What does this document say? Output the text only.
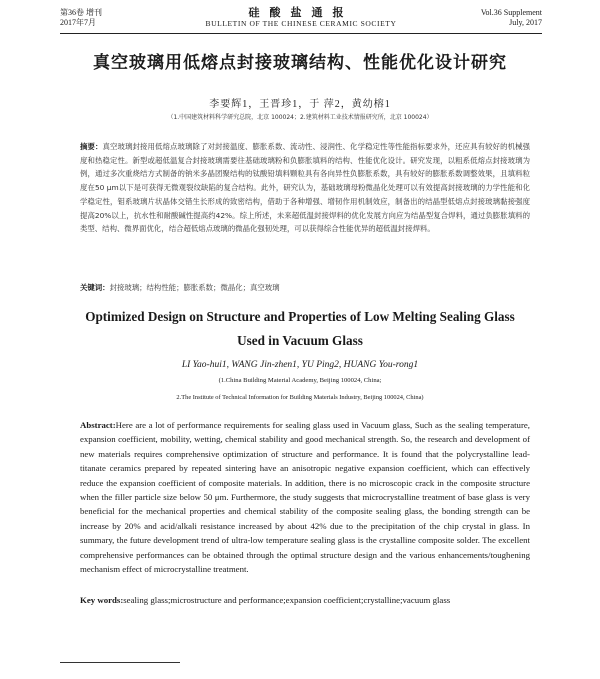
第36卷 增刊
2017年7月
硅酸盐通报
BULLETIN OF THE CHINESE CERAMIC SOCIETY
Vol.36 Supplement
July, 2017
真空玻璃用低熔点封接玻璃结构、性能优化设计研究
李要辉1，王晋珍1，于 萍2，黄幼榕1
（1.中国建筑材料科学研究总院，北京 100024；2.建筑材料工业技术情报研究所，北京 100024）
摘要：真空玻璃封接用低熔点玻璃除了对封接温度、膨胀系数、流动性、浸润性、化学稳定性等性能指标要求外，还应具有较好的机械强度和热稳定性。新型或超低温复合封接玻璃需要往基础玻璃粉和负膨胀填料的结构、性能优化设计。研究发现，以粗系低熔点封接玻璃为例，通过多次重烧结方式制备的钠米多晶团聚结构的钛酸铅填料颗粒具有各向异性负膨胀系数，具有较好的膨胀系数调整效果，且填料粒度在50 μm以下是可获得无微观裂纹缺陷的复合结构。此外，研究认为，基础玻璃母粉微晶化处理可以有效提高封接玻璃的力学性能和化学稳定性，钼系玻璃片状晶体交错生长形成的致密结构，借助于各种增强、增韧作用机制效应，制备出的结晶型低熔点封接玻璃黏接强度提高20%以上，抗水性和耐酸碱性提高约42%。综上所述，未来超低温封接焊料的优化发展方向应为结晶型复合焊料，通过负膨胀填料的类型、结构、微界面优化，结合超低熔点玻璃的微晶化强韧处理，可以获得综合性能优异的超低温封接焊料。
关键词：封接玻璃；结构性能；膨胀系数；微晶化；真空玻璃
Optimized Design on Structure and Properties of Low Melting Sealing Glass Used in Vacuum Glass
LI Yao-hui1, WANG Jin-zhen1, YU Ping2, HUANG You-rong1
(1.China Building Material Academy, Beijing 100024, China;
2.The Institute of Technical Information for Building Materials Industry, Beijing 100024, China)
Abstract:Here are a lot of performance requirements for sealing glass used in Vacuum glass, Such as the sealing temperature, expansion coefficient, mobility, wetting, chemical stability and good mechanical strength. So, the research and development of new materials requires comprehensive optimization of structure and performance. It is found that the polycrystalline lead-titanate ceramics prepared by repeated sintering have an anisotropic negative expansion coefficient, which can effectively reduce the expansion coefficient of composite materials. In addition, there is no microscopic crack in the composite structure when the filler particle size below 50 μm. Furthermore, the study suggests that microcrystalline treatment of base glass is very beneficial for the mechanical properties and chemical stability of the composite sealing glass, the bonding strength can be increase by 20% and acid/alkali resistance increased by about 42% due to the precipitation of the chip crystal in glass. In summary, the future development trend of ultra-low temperature sealing glass is the crystalline composite solder. The excellent comprehensive performances can be obtained through the optimal structure design and the various enhancements/toughening mechanism effect of microcrystalline treatment.
Key words:sealing glass;microstructure and performance;expansion coefficient;crystalline;vacuum glass
